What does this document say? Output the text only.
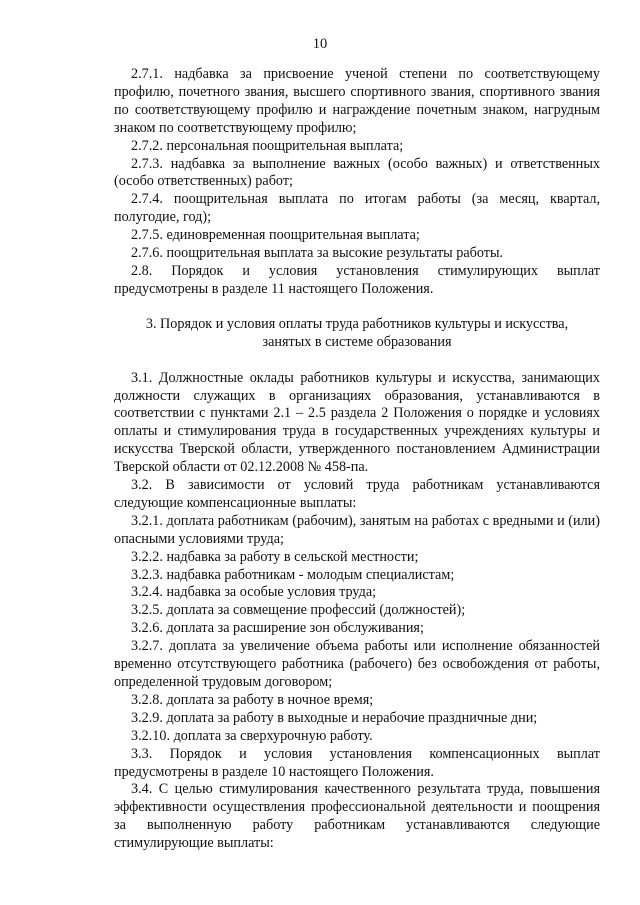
10

2.7.1. надбавка за присвоение ученой степени по соответствующему профилю, почетного звания, высшего спортивного звания, спортивного звания по соответствующему профилю и награждение почетным знаком, нагрудным знаком по соответствующему профилю;

2.7.2. персональная поощрительная выплата;

2.7.3. надбавка за выполнение важных (особо важных) и ответственных (особо ответственных) работ;

2.7.4. поощрительная выплата по итогам работы (за месяц, квартал, полугодие, год);

2.7.5. единовременная поощрительная выплата;

2.7.6. поощрительная выплата за высокие результаты работы.

2.8. Порядок и условия установления стимулирующих выплат предусмотрены в разделе 11 настоящего Положения.

3. Порядок и условия оплаты труда работников культуры и искусства, занятых в системе образования

3.1. Должностные оклады работников культуры и искусства, занимающих должности служащих в организациях образования, устанавливаются в соответствии с пунктами 2.1 – 2.5 раздела 2 Положения о порядке и условиях оплаты и стимулирования труда в государственных учреждениях культуры и искусства Тверской области, утвержденного постановлением Администрации Тверской области от 02.12.2008 № 458-па.

3.2. В зависимости от условий труда работникам устанавливаются следующие компенсационные выплаты:

3.2.1. доплата работникам (рабочим), занятым на работах с вредными и (или) опасными условиями труда;

3.2.2. надбавка за работу в сельской местности;

3.2.3. надбавка работникам - молодым специалистам;

3.2.4. надбавка за особые условия труда;

3.2.5. доплата за совмещение профессий (должностей);

3.2.6. доплата за расширение зон обслуживания;

3.2.7. доплата за увеличение объема работы или исполнение обязанностей временно отсутствующего работника (рабочего) без освобождения от работы, определенной трудовым договором;

3.2.8. доплата за работу в ночное время;

3.2.9. доплата за работу в выходные и нерабочие праздничные дни;

3.2.10. доплата за сверхурочную работу.

3.3. Порядок и условия установления компенсационных выплат предусмотрены в разделе 10 настоящего Положения.

3.4. С целью стимулирования качественного результата труда, повышения эффективности осуществления профессиональной деятельности и поощрения за выполненную работу работникам устанавливаются следующие стимулирующие выплаты:
